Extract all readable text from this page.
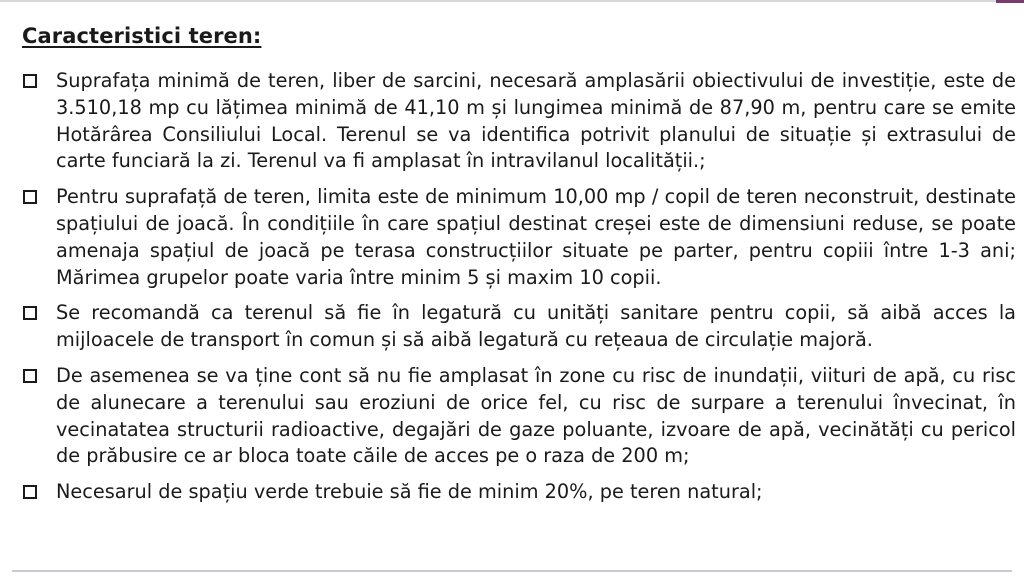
Caracteristici teren:
Suprafața minimă de teren, liber de sarcini, necesară amplasării obiectivului de investiție, este de 3.510,18 mp cu lățimea minimă de 41,10 m și lungimea minimă de 87,90 m, pentru care se emite Hotărârea Consiliului Local. Terenul se va identifica potrivit planului de situație și extrasului de carte funciară la zi. Terenul va fi amplasat în intravilanul localității.;
Pentru suprafață de teren, limita este de minimum 10,00 mp / copil de teren neconstruit, destinate spațiului de joacă. În condițiile în care spațiul destinat creșei este de dimensiuni reduse, se poate amenaja spațiul de joacă pe terasa construcțiilor situate pe parter, pentru copiii între 1-3 ani; Mărimea grupelor poate varia între minim 5 și maxim 10 copii.
Se recomandă ca terenul să fie în legatură cu unități sanitare pentru copii, să aibă acces la mijloacele de transport în comun și să aibă legatură cu rețeaua de circulație majoră.
De asemenea se va ține cont să nu fie amplasat în zone cu risc de inundații, viituri de apă, cu risc de alunecare a terenului sau eroziuni de orice fel, cu risc de surpare a terenului învecinat, în vecinatatea structurii radioactive, degajări de gaze poluante, izvoare de apă, vecinătăți cu pericol de prăbusire ce ar bloca toate căile de acces pe o raza de 200 m;
Necesarul de spațiu verde trebuie să fie de minim 20%, pe teren natural;
